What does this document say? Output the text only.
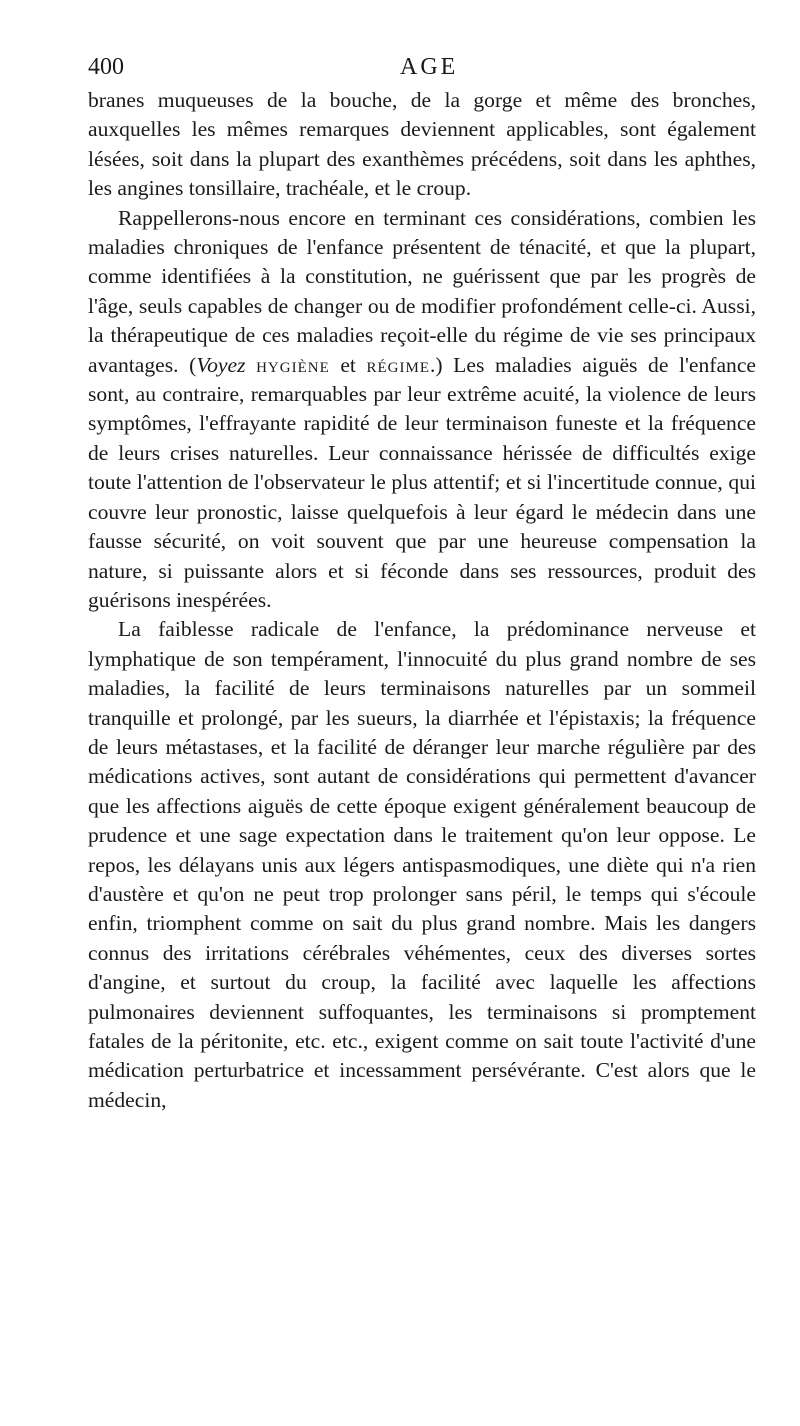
400	AGE

branes muqueuses de la bouche, de la gorge et même des bronches, auxquelles les mêmes remarques deviennent applicables, sont également lésées, soit dans la plupart des exanthèmes précédens, soit dans les aphthes, les angines tonsillaire, trachéale, et le croup.

Rappellerons-nous encore en terminant ces considérations, combien les maladies chroniques de l'enfance présentent de ténacité, et que la plupart, comme identifiées à la constitution, ne guérissent que par les progrès de l'âge, seuls capables de changer ou de modifier profondément celle-ci. Aussi, la thérapeutique de ces maladies reçoit-elle du régime de vie ses principaux avantages. (Voyez hygiène et régime.) Les maladies aiguës de l'enfance sont, au contraire, remarquables par leur extrême acuité, la violence de leurs symptômes, l'effrayante rapidité de leur terminaison funeste et la fréquence de leurs crises naturelles. Leur connaissance hérissée de difficultés exige toute l'attention de l'observateur le plus attentif; et si l'incertitude connue, qui couvre leur pronostic, laisse quelquefois à leur égard le médecin dans une fausse sécurité, on voit souvent que par une heureuse compensation la nature, si puissante alors et si féconde dans ses ressources, produit des guérisons inespérées.

La faiblesse radicale de l'enfance, la prédominance nerveuse et lymphatique de son tempérament, l'innocuité du plus grand nombre de ses maladies, la facilité de leurs terminaisons naturelles par un sommeil tranquille et prolongé, par les sueurs, la diarrhée et l'épistaxis; la fréquence de leurs métastases, et la facilité de déranger leur marche régulière par des médications actives, sont autant de considérations qui permettent d'avancer que les affections aiguës de cette époque exigent généralement beaucoup de prudence et une sage expectation dans le traitement qu'on leur oppose. Le repos, les délayans unis aux légers antispasmodiques, une diète qui n'a rien d'austère et qu'on ne peut trop prolonger sans péril, le temps qui s'écoule enfin, triomphent comme on sait du plus grand nombre. Mais les dangers connus des irritations cérébrales véhémentes, ceux des diverses sortes d'angine, et surtout du croup, la facilité avec laquelle les affections pulmonaires deviennent suffoquantes, les terminaisons si promptement fatales de la péritonite, etc. etc., exigent comme on sait toute l'activité d'une médication perturbatrice et incessamment persévérante. C'est alors que le médecin,
